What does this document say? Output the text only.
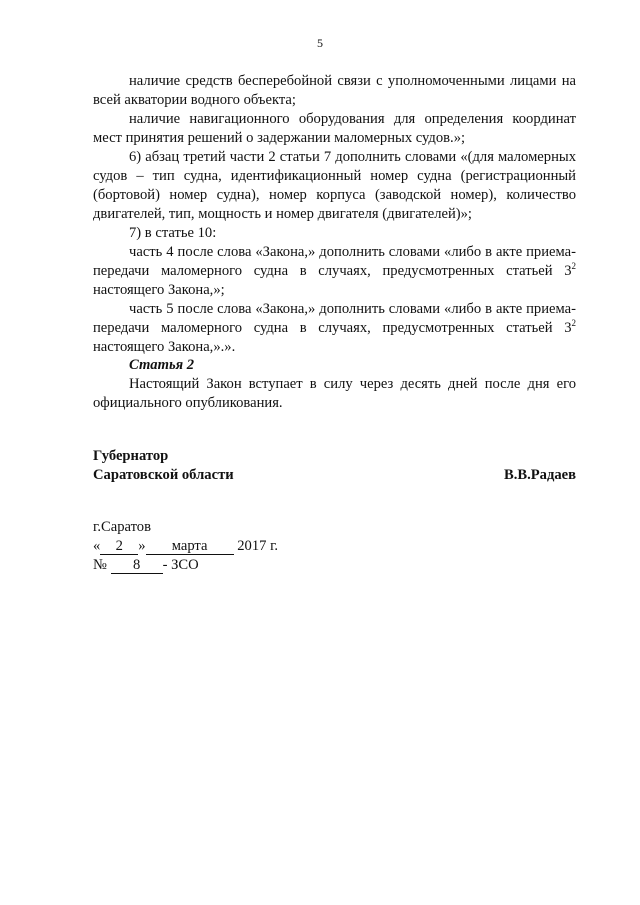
5

наличие средств бесперебойной связи с уполномоченными лицами на всей акватории водного объекта;

наличие навигационного оборудования для определения координат мест принятия решений о задержании маломерных судов.»;

6) абзац третий части 2 статьи 7 дополнить словами «(для маломерных судов – тип судна, идентификационный номер судна (регистрационный (бортовой) номер судна), номер корпуса (заводской номер), количество двигателей, тип, мощность и номер двигателя (двигателей)»;

7) в статье 10:

часть 4 после слова «Закона,» дополнить словами «либо в акте приема-передачи маломерного судна в случаях, предусмотренных статьей $3^2$ настоящего Закона,»;

часть 5 после слова «Закона,» дополнить словами «либо в акте приема-передачи маломерного судна в случаях, предусмотренных статьей $3^2$ настоящего Закона,».».

Статья 2

Настоящий Закон вступает в силу через десять дней после дня его официального опубликования.

Губернатор
Саратовской области	В.В.Радаев
г.Саратов
« 2 » марта 2017 г.
№ 8 - ЗСО
